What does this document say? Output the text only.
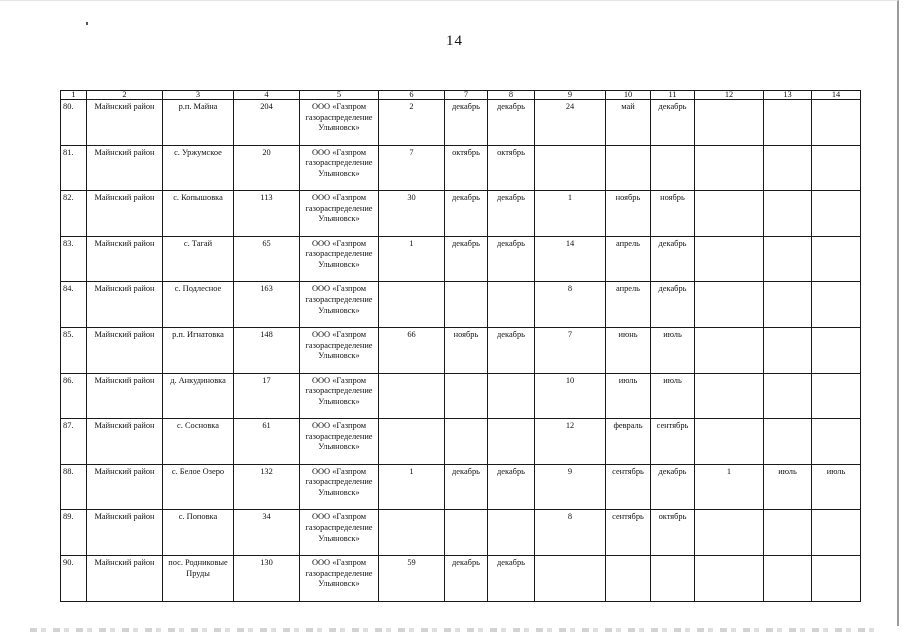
14
1	2	3	4	5	6	7	8	9	10	11	12	13	14
80.	Майнский район	р.п. Майна	204	ООО «Газпром газораспределение Ульяновск»	2	декабрь	декабрь	24	май	декабрь			
81.	Майнский район	с. Уржумское	20	ООО «Газпром газораспределение Ульяновск»	7	октябрь	октябрь						
82.	Майнский район	с. Копышовка	113	ООО «Газпром газораспределение Ульяновск»	30	декабрь	декабрь	1	ноябрь	ноябрь			
83.	Майнский район	с. Тагай	65	ООО «Газпром газораспределение Ульяновск»	1	декабрь	декабрь	14	апрель	декабрь			
84.	Майнский район	с. Подлесное	163	ООО «Газпром газораспределение Ульяновск»				8	апрель	декабрь			
85.	Майнский район	р.п. Игнатовка	148	ООО «Газпром газораспределение Ульяновск»	66	ноябрь	декабрь	7	июнь	июль			
86.	Майнский район	д. Анкудиновка	17	ООО «Газпром газораспределение Ульяновск»				10	июль	июль			
87.	Майнский район	с. Сосновка	61	ООО «Газпром газораспределение Ульяновск»				12	февраль	сентябрь			
88.	Майнский район	с. Белое Озеро	132	ООО «Газпром газораспределение Ульяновск»	1	декабрь	декабрь	9	сентябрь	декабрь	1	июль	июль
89.	Майнский район	с. Поповка	34	ООО «Газпром газораспределение Ульяновск»				8	сентябрь	октябрь			
90.	Майнский район	пос. Родниковые Пруды	130	ООО «Газпром газораспределение Ульяновск»	59	декабрь	декабрь						
